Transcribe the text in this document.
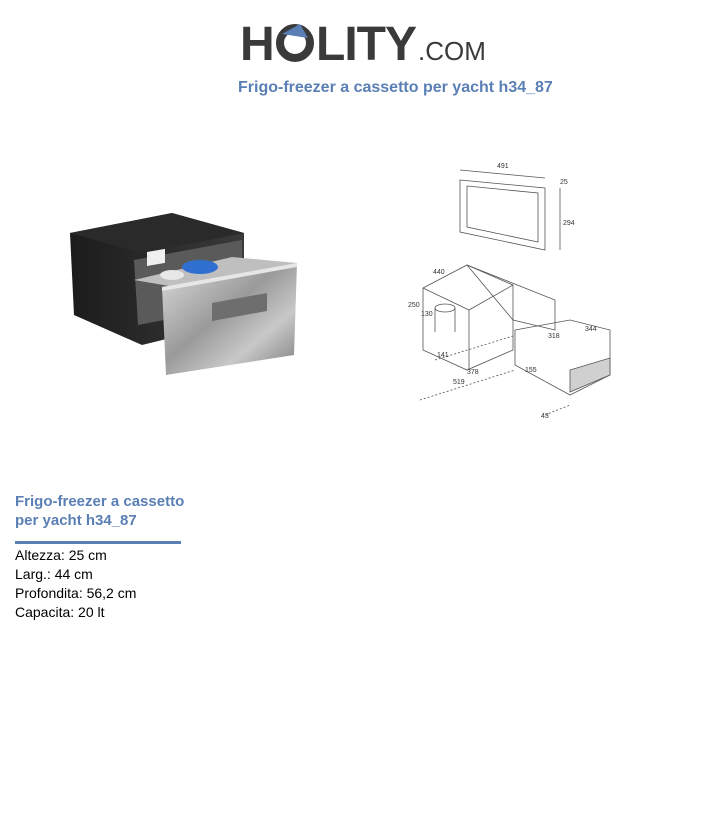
H LITY .COM
Frigo-freezer a cassetto per yacht h34_87
491
25
294
440
250
130
318
344
141
378
519
155
43
Frigo-freezer a cassetto
per yacht h34_87
Altezza: 25 cm
Larg.: 44 cm
Profondita: 56,2 cm
Capacita: 20 lt
